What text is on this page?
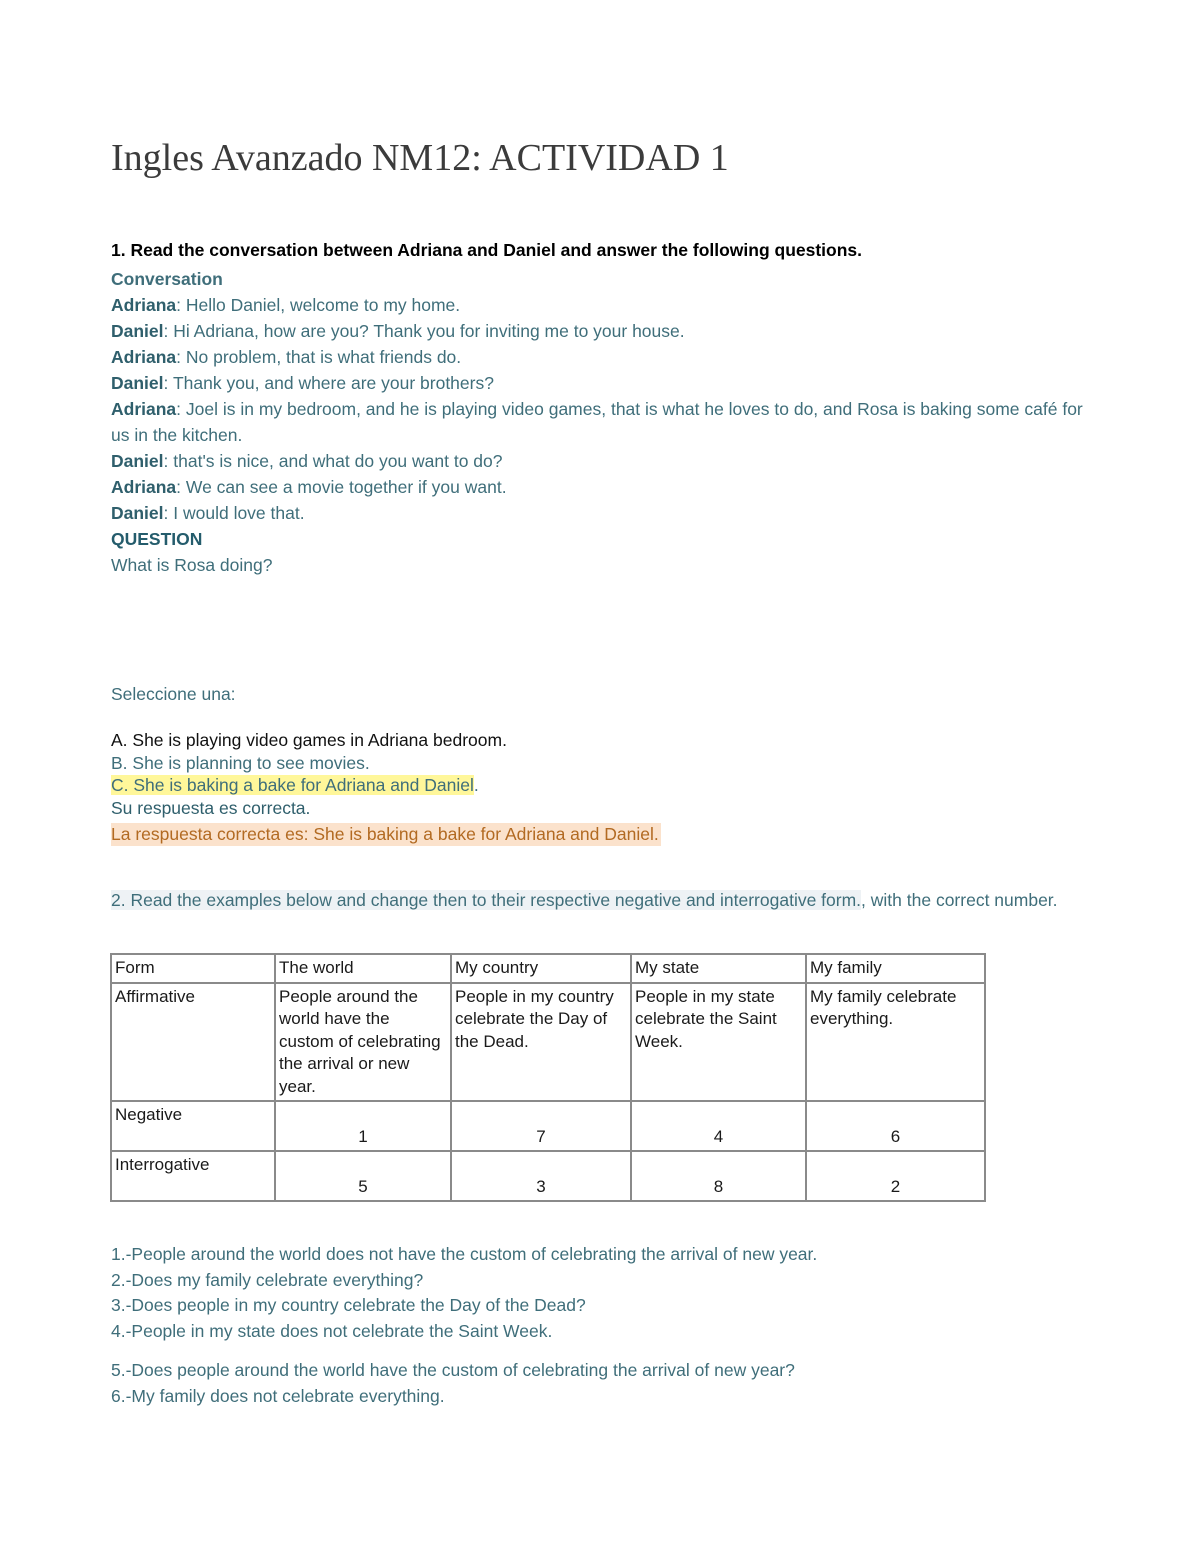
Ingles Avanzado NM12: ACTIVIDAD 1
1. Read the conversation between Adriana and Daniel and answer the following questions.
Conversation
Adriana: Hello Daniel, welcome to my home.
Daniel: Hi Adriana, how are you? Thank you for inviting me to your house.
Adriana: No problem, that is what friends do.
Daniel: Thank you, and where are your brothers?
Adriana: Joel is in my bedroom, and he is playing video games, that is what he loves to do, and Rosa is baking some café for us in the kitchen.
Daniel: that's is nice, and what do you want to do?
Adriana: We can see a movie together if you want.
Daniel: I would love that.
QUESTION
What is Rosa doing?
Seleccione una:
A. She is playing video games in Adriana bedroom.
B. She is planning to see movies.
C. She is baking a bake for Adriana and Daniel.
Su respuesta es correcta.
La respuesta correcta es: She is baking a bake for Adriana and Daniel.
2. Read the examples below and change then to their respective negative and interrogative form., with the correct number.
Form	The world	My country	My state	My family
Affirmative	People around the world have the custom of celebrating the arrival or new year.	People in my country celebrate the Day of the Dead.	People in my state celebrate the Saint Week.	My family celebrate everything.
Negative	1	7	4	6
Interrogative	5	3	8	2
1.-People around the world does not have the custom of celebrating the arrival of new year.
2.-Does my family celebrate everything?
3.-Does people in my country celebrate the Day of the Dead?
4.-People in my state does not celebrate the Saint Week.
5.-Does people around the world have the custom of celebrating the arrival of new year?
6.-My family does not celebrate everything.
